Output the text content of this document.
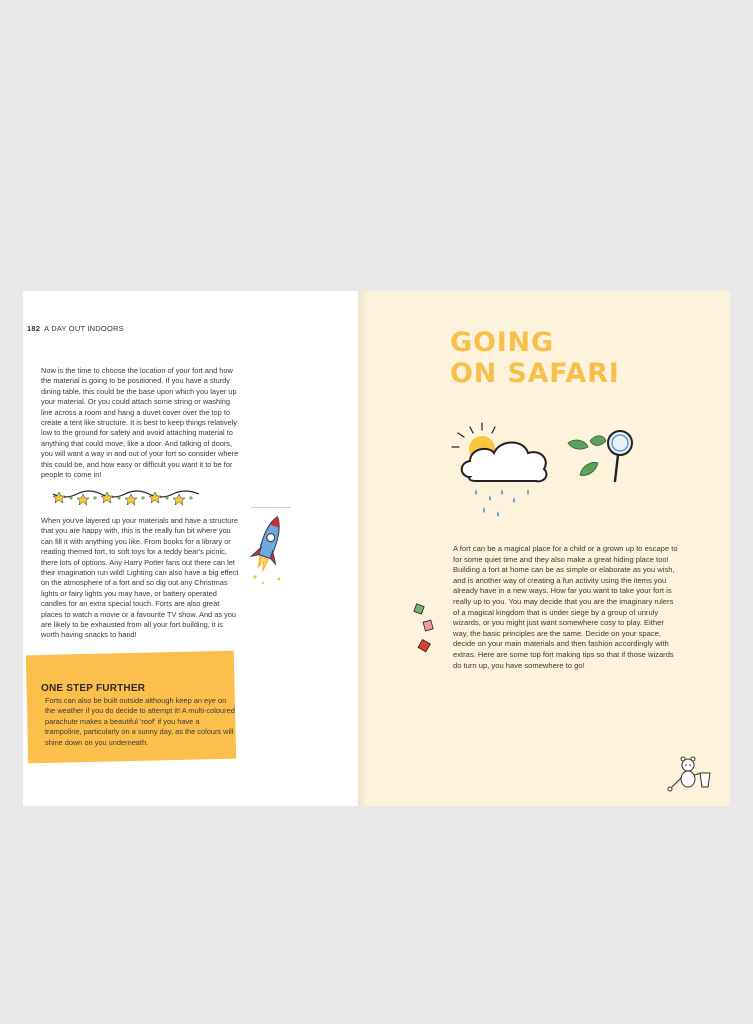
182 A DAY OUT INDOORS
Now is the time to choose the location of your fort and how the material is going to be positioned. If you have a sturdy dining table, this could be the base upon which you layer up your material. Or you could attach some string or washing line across a room and hang a duvet cover over the top to create a tent like structure. It is best to keep things relatively low to the ground for safety and avoid attaching material to anything that could move, like a door. And talking of doors, you will want a way in and out of your fort so consider where this could be, and how easy or difficult you want it to be for people to come in!
When you've layered up your materials and have a structure that you are happy with, this is the really fun bit where you can fill it with anything you like. From books for a library or reading themed fort, to soft toys for a teddy bear's picnic, there lots of options. Any Harry Potter fans out there can let their imagination run wild! Lighting can also have a big effect on the atmosphere of a fort and so dig out any Christmas lights or fairy lights you may have, or battery operated candles for an extra special touch. Forts are also great places to watch a movie or a favourite TV show. And as you are likely to be exhausted from all your fort building, it is worth having snacks to hand!
ONE STEP FURTHER
Forts can also be built outside although keep an eye on the weather if you do decide to attempt it! A multi-coloured parachute makes a beautiful 'roof' if you have a trampoline, particularly on a sunny day, as the colours will shine down on you underneath.
GOING
ON SAFARI
A fort can be a magical place for a child or a grown up to escape to for some quiet time and they also make a great hiding place too! Building a fort at home can be as simple or elaborate as you wish, and is another way of creating a fun activity using the items you already have in a new ways. How far you want to take your fort is really up to you. You may decide that you are the imaginary rulers of a magical kingdom that is under siege by a group of unruly wizards, or you might just want somewhere cosy to play. Either way, the basic principles are the same. Decide on your space, decide on your main materials and then fashion accordingly with extras. Here are some top fort making tips so that if those wizards do turn up, you have somewhere to go!
